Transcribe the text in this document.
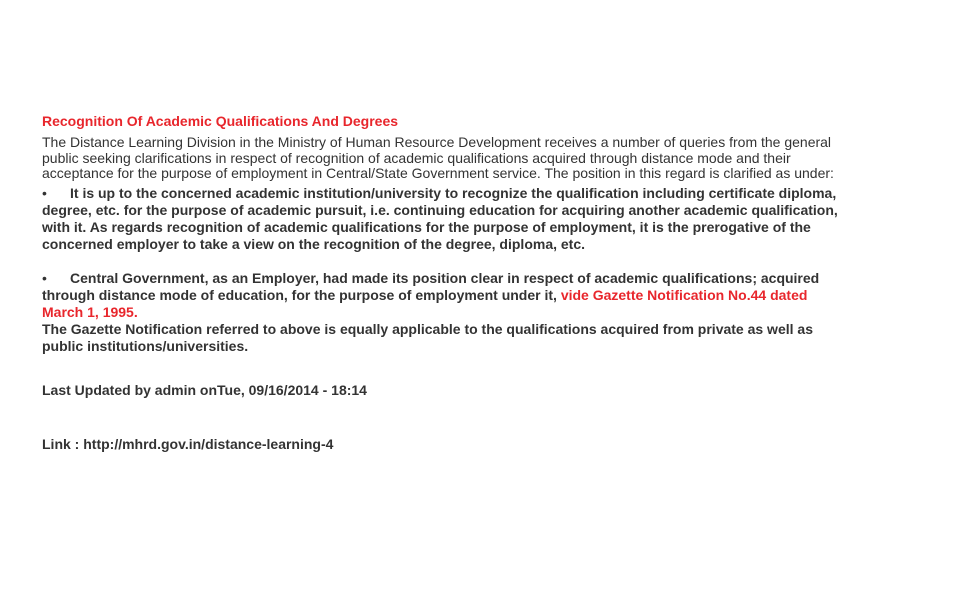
Recognition Of Academic Qualifications And Degrees

The Distance Learning Division in the Ministry of Human Resource Development receives a number of queries from the general public seeking clarifications in respect of recognition of academic qualifications acquired through distance mode and their acceptance for the purpose of employment in Central/State Government service. The position in this regard is clarified as under:

• It is up to the concerned academic institution/university to recognize the qualification including certificate diploma, degree, etc. for the purpose of academic pursuit, i.e. continuing education for acquiring another academic qualification, with it. As regards recognition of academic qualifications for the purpose of employment, it is the prerogative of the concerned employer to take a view on the recognition of the degree, diploma, etc.

• Central Government, as an Employer, had made its position clear in respect of academic qualifications; acquired through distance mode of education, for the purpose of employment under it, vide Gazette Notification No.44 dated March 1, 1995.

The Gazette Notification referred to above is equally applicable to the qualifications acquired from private as well as public institutions/universities.

Last Updated by admin onTue, 09/16/2014 - 18:14

Link : http://mhrd.gov.in/distance-learning-4
